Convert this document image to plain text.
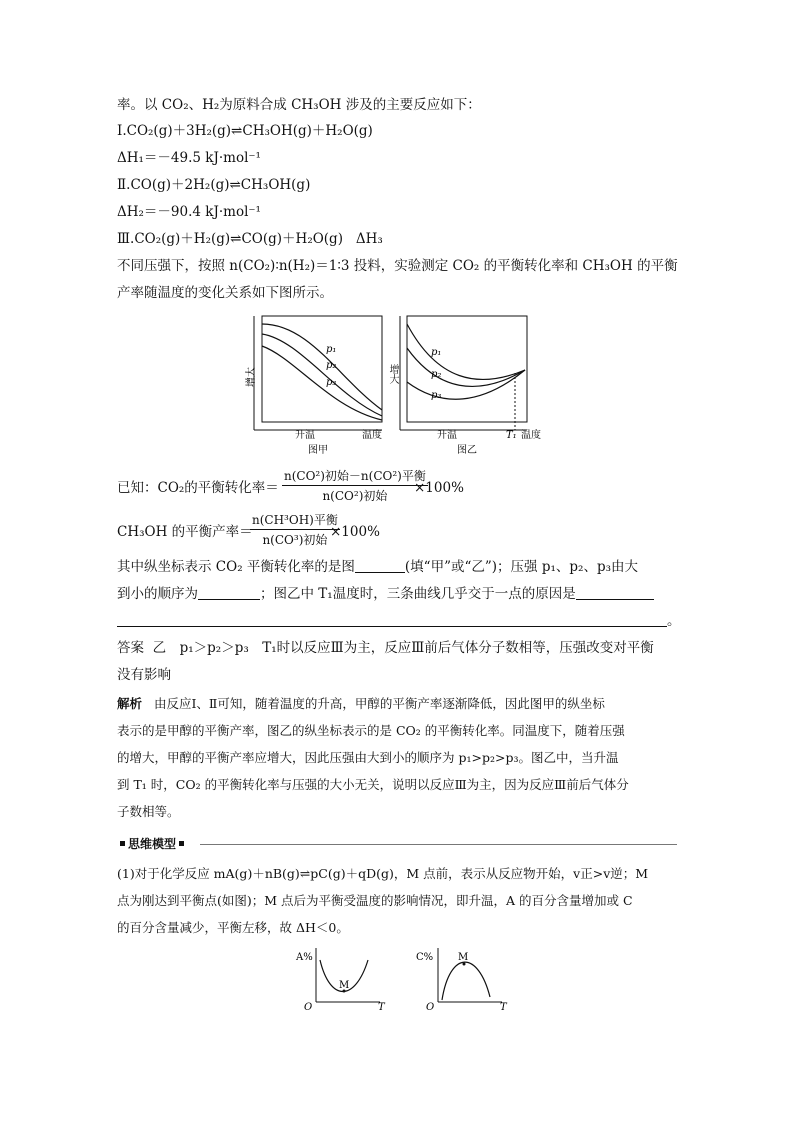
率。以 CO₂、H₂为原料合成 CH₃OH 涉及的主要反应如下：
Ⅰ.CO₂(g)＋3H₂(g)⇌CH₃OH(g)＋H₂O(g)
ΔH₁＝－49.5 kJ·mol⁻¹
Ⅱ.CO(g)＋2H₂(g)⇌CH₃OH(g)
ΔH₂＝－90.4 kJ·mol⁻¹
Ⅲ.CO₂(g)＋H₂(g)⇌CO(g)＋H₂O(g) ΔH₃
不同压强下，按照 n(CO₂)∶n(H₂)＝1∶3 投料，实验测定 CO₂ 的平衡转化率和 CH₃OH 的平衡
产率随温度的变化关系如下图所示。
p₁
p₂
p₃
增大
升温	温度
图甲
p₁
p₂
p₃
升温	T₁ 温度
图乙
增大
已知：CO₂的平衡转化率＝
n(CO²)初始－n(CO²)平衡
n(CO²)初始	×100%
CH₃OH 的平衡产率＝
n(CH³OH)平衡
n(CO³)初始 ×100%
其中纵坐标表示 CO₂ 平衡转化率的是图	(填“甲”或“乙”)；压强 p₁、p₂、p₃由大
到小的顺序为	；图乙中 T₁温度时，三条曲线几乎交于一点的原因是
。
答案 乙　p₁＞p₂＞p₃　T₁时以反应Ⅲ为主，反应Ⅲ前后气体分子数相等，压强改变对平衡
没有影响
解析 由反应Ⅰ、Ⅱ可知，随着温度的升高，甲醇的平衡产率逐渐降低，因此图甲的纵坐标
表示的是甲醇的平衡产率，图乙的纵坐标表示的是 CO₂ 的平衡转化率。同温度下，随着压强
的增大，甲醇的平衡产率应增大，因此压强由大到小的顺序为 p₁>p₂>p₃。图乙中，当升温
到 T₁ 时，CO₂ 的平衡转化率与压强的大小无关，说明以反应Ⅲ为主，因为反应Ⅲ前后气体分
子数相等。
思维模型
(1)对于化学反应 mA(g)＋nB(g)⇌pC(g)＋qD(g)，M 点前，表示从反应物开始，v正>v逆；M
点为刚达到平衡点(如图)；M 点后为平衡受温度的影响情况，即升温，A 的百分含量增加或 C
的百分含量减少，平衡左移，故 ΔH＜0。
A%
M
O	T
C% M
O	T
